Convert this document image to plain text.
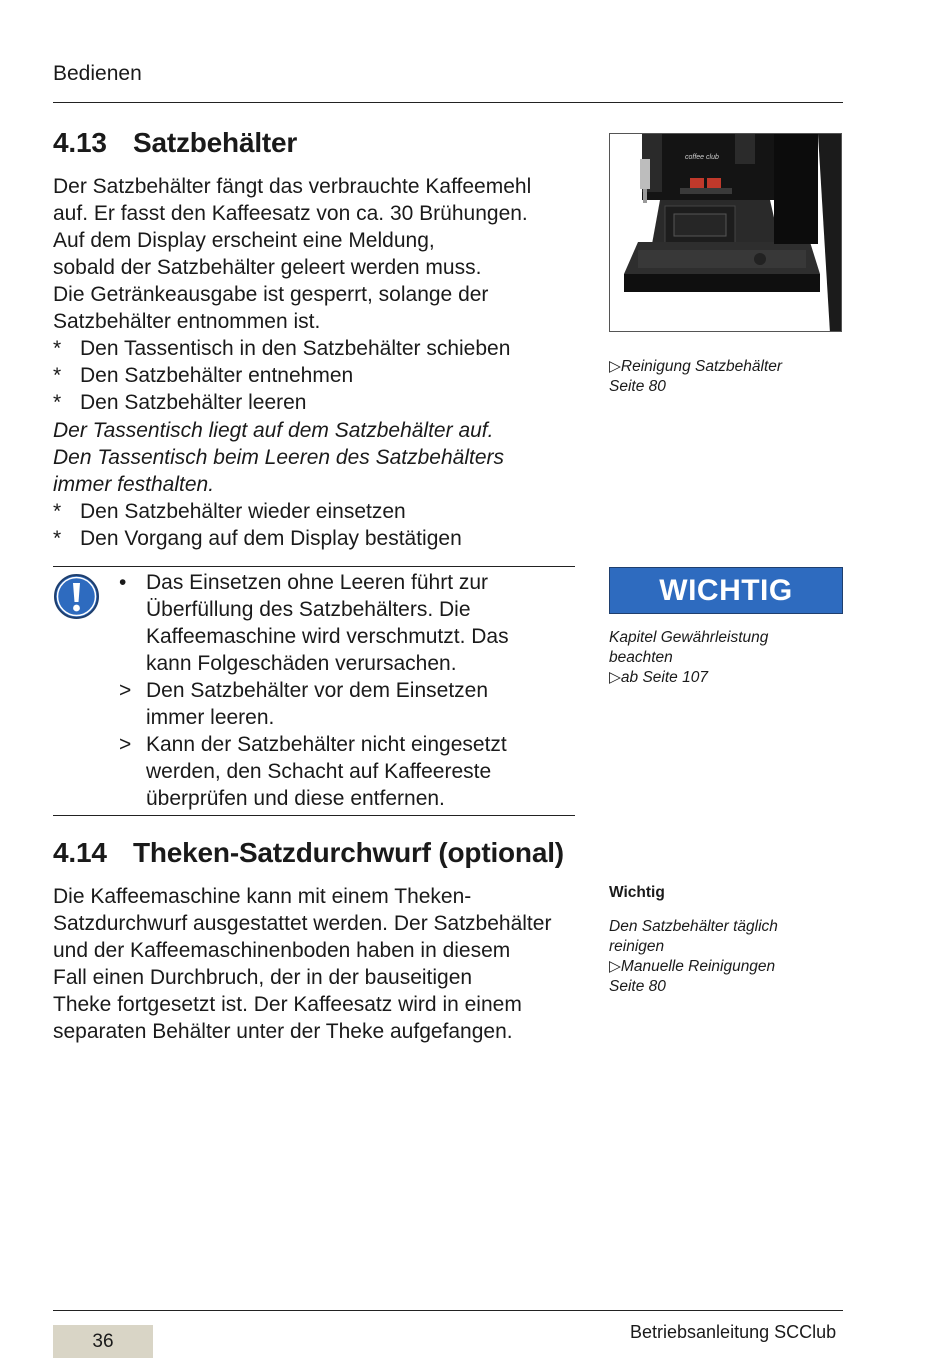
Bedienen
4.13 Satzbehälter
Der Satzbehälter fängt das verbrauchte Kaffeemehl
auf. Er fasst den Kaffeesatz von ca. 30 Brühungen.
Auf dem Display erscheint eine Meldung,
sobald der Satzbehälter geleert werden muss.
Die Getränkeausgabe ist gesperrt, solange der
Satzbehälter entnommen ist.
* Den Tassentisch in den Satzbehälter schieben
* Den Satzbehälter entnehmen
* Den Satzbehälter leeren
Der Tassentisch liegt auf dem Satzbehälter auf.
Den Tassentisch beim Leeren des Satzbehälters
immer festhalten.
* Den Satzbehälter wieder einsetzen
* Den Vorgang auf dem Display bestätigen
• Das Einsetzen ohne Leeren führt zur
Überfüllung des Satzbehälters. Die
Kaffeemaschine wird verschmutzt. Das
kann Folgeschäden verursachen.
> Den Satzbehälter vor dem Einsetzen
immer leeren.
> Kann der Satzbehälter nicht eingesetzt
werden, den Schacht auf Kaffeereste
überprüfen und diese entfernen.
4.14 Theken-Satzdurchwurf (optional)
Die Kaffeemaschine kann mit einem Theken-
Satzdurchwurf ausgestattet werden. Der Satzbehälter
und der Kaffeemaschinenboden haben in diesem
Fall einen Durchbruch, der in der bauseitigen
Theke fortgesetzt ist. Der Kaffeesatz wird in einem
separaten Behälter unter der Theke aufgefangen.
coffee club
▷Reinigung Satzbehälter
Seite 80
WICHTIG
Kapitel Gewährleistung
beachten
▷ab Seite 107
Wichtig
Den Satzbehälter täglich
reinigen
▷Manuelle Reinigungen
Seite 80
36	Betriebsanleitung SCClub
